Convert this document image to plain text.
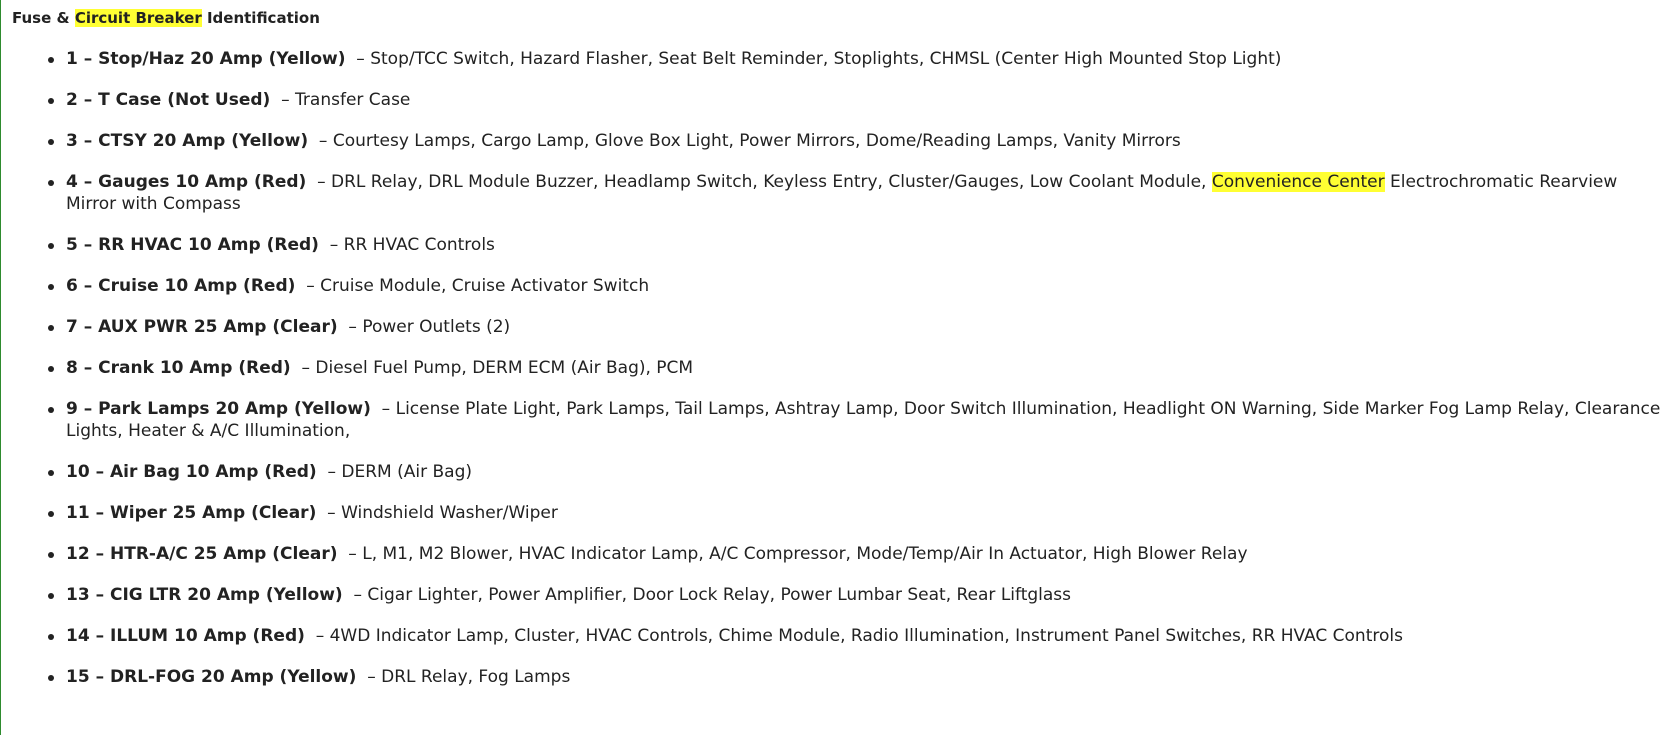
Fuse & Circuit Breaker Identification
1 – Stop/Haz 20 Amp (Yellow)  – Stop/TCC Switch, Hazard Flasher, Seat Belt Reminder, Stoplights, CHMSL (Center High Mounted Stop Light)
2 – T Case (Not Used)  – Transfer Case
3 – CTSY 20 Amp (Yellow)  – Courtesy Lamps, Cargo Lamp, Glove Box Light, Power Mirrors, Dome/Reading Lamps, Vanity Mirrors
4 – Gauges 10 Amp (Red)  – DRL Relay, DRL Module Buzzer, Headlamp Switch, Keyless Entry, Cluster/Gauges, Low Coolant Module, Convenience Center Electrochromatic Rearview Mirror with Compass
5 – RR HVAC 10 Amp (Red)  – RR HVAC Controls
6 – Cruise 10 Amp (Red)  – Cruise Module, Cruise Activator Switch
7 – AUX PWR 25 Amp (Clear)  – Power Outlets (2)
8 – Crank 10 Amp (Red)  – Diesel Fuel Pump, DERM ECM (Air Bag), PCM
9 – Park Lamps 20 Amp (Yellow)  – License Plate Light, Park Lamps, Tail Lamps, Ashtray Lamp, Door Switch Illumination, Headlight ON Warning, Side Marker Fog Lamp Relay, Clearance Lights, Heater & A/C Illumination,
10 – Air Bag 10 Amp (Red)  – DERM (Air Bag)
11 – Wiper 25 Amp (Clear)  – Windshield Washer/Wiper
12 – HTR-A/C 25 Amp (Clear)  – L, M1, M2 Blower, HVAC Indicator Lamp, A/C Compressor, Mode/Temp/Air In Actuator, High Blower Relay
13 – CIG LTR 20 Amp (Yellow)  – Cigar Lighter, Power Amplifier, Door Lock Relay, Power Lumbar Seat, Rear Liftglass
14 – ILLUM 10 Amp (Red)  – 4WD Indicator Lamp, Cluster, HVAC Controls, Chime Module, Radio Illumination, Instrument Panel Switches, RR HVAC Controls
15 – DRL-FOG 20 Amp (Yellow)  – DRL Relay, Fog Lamps
